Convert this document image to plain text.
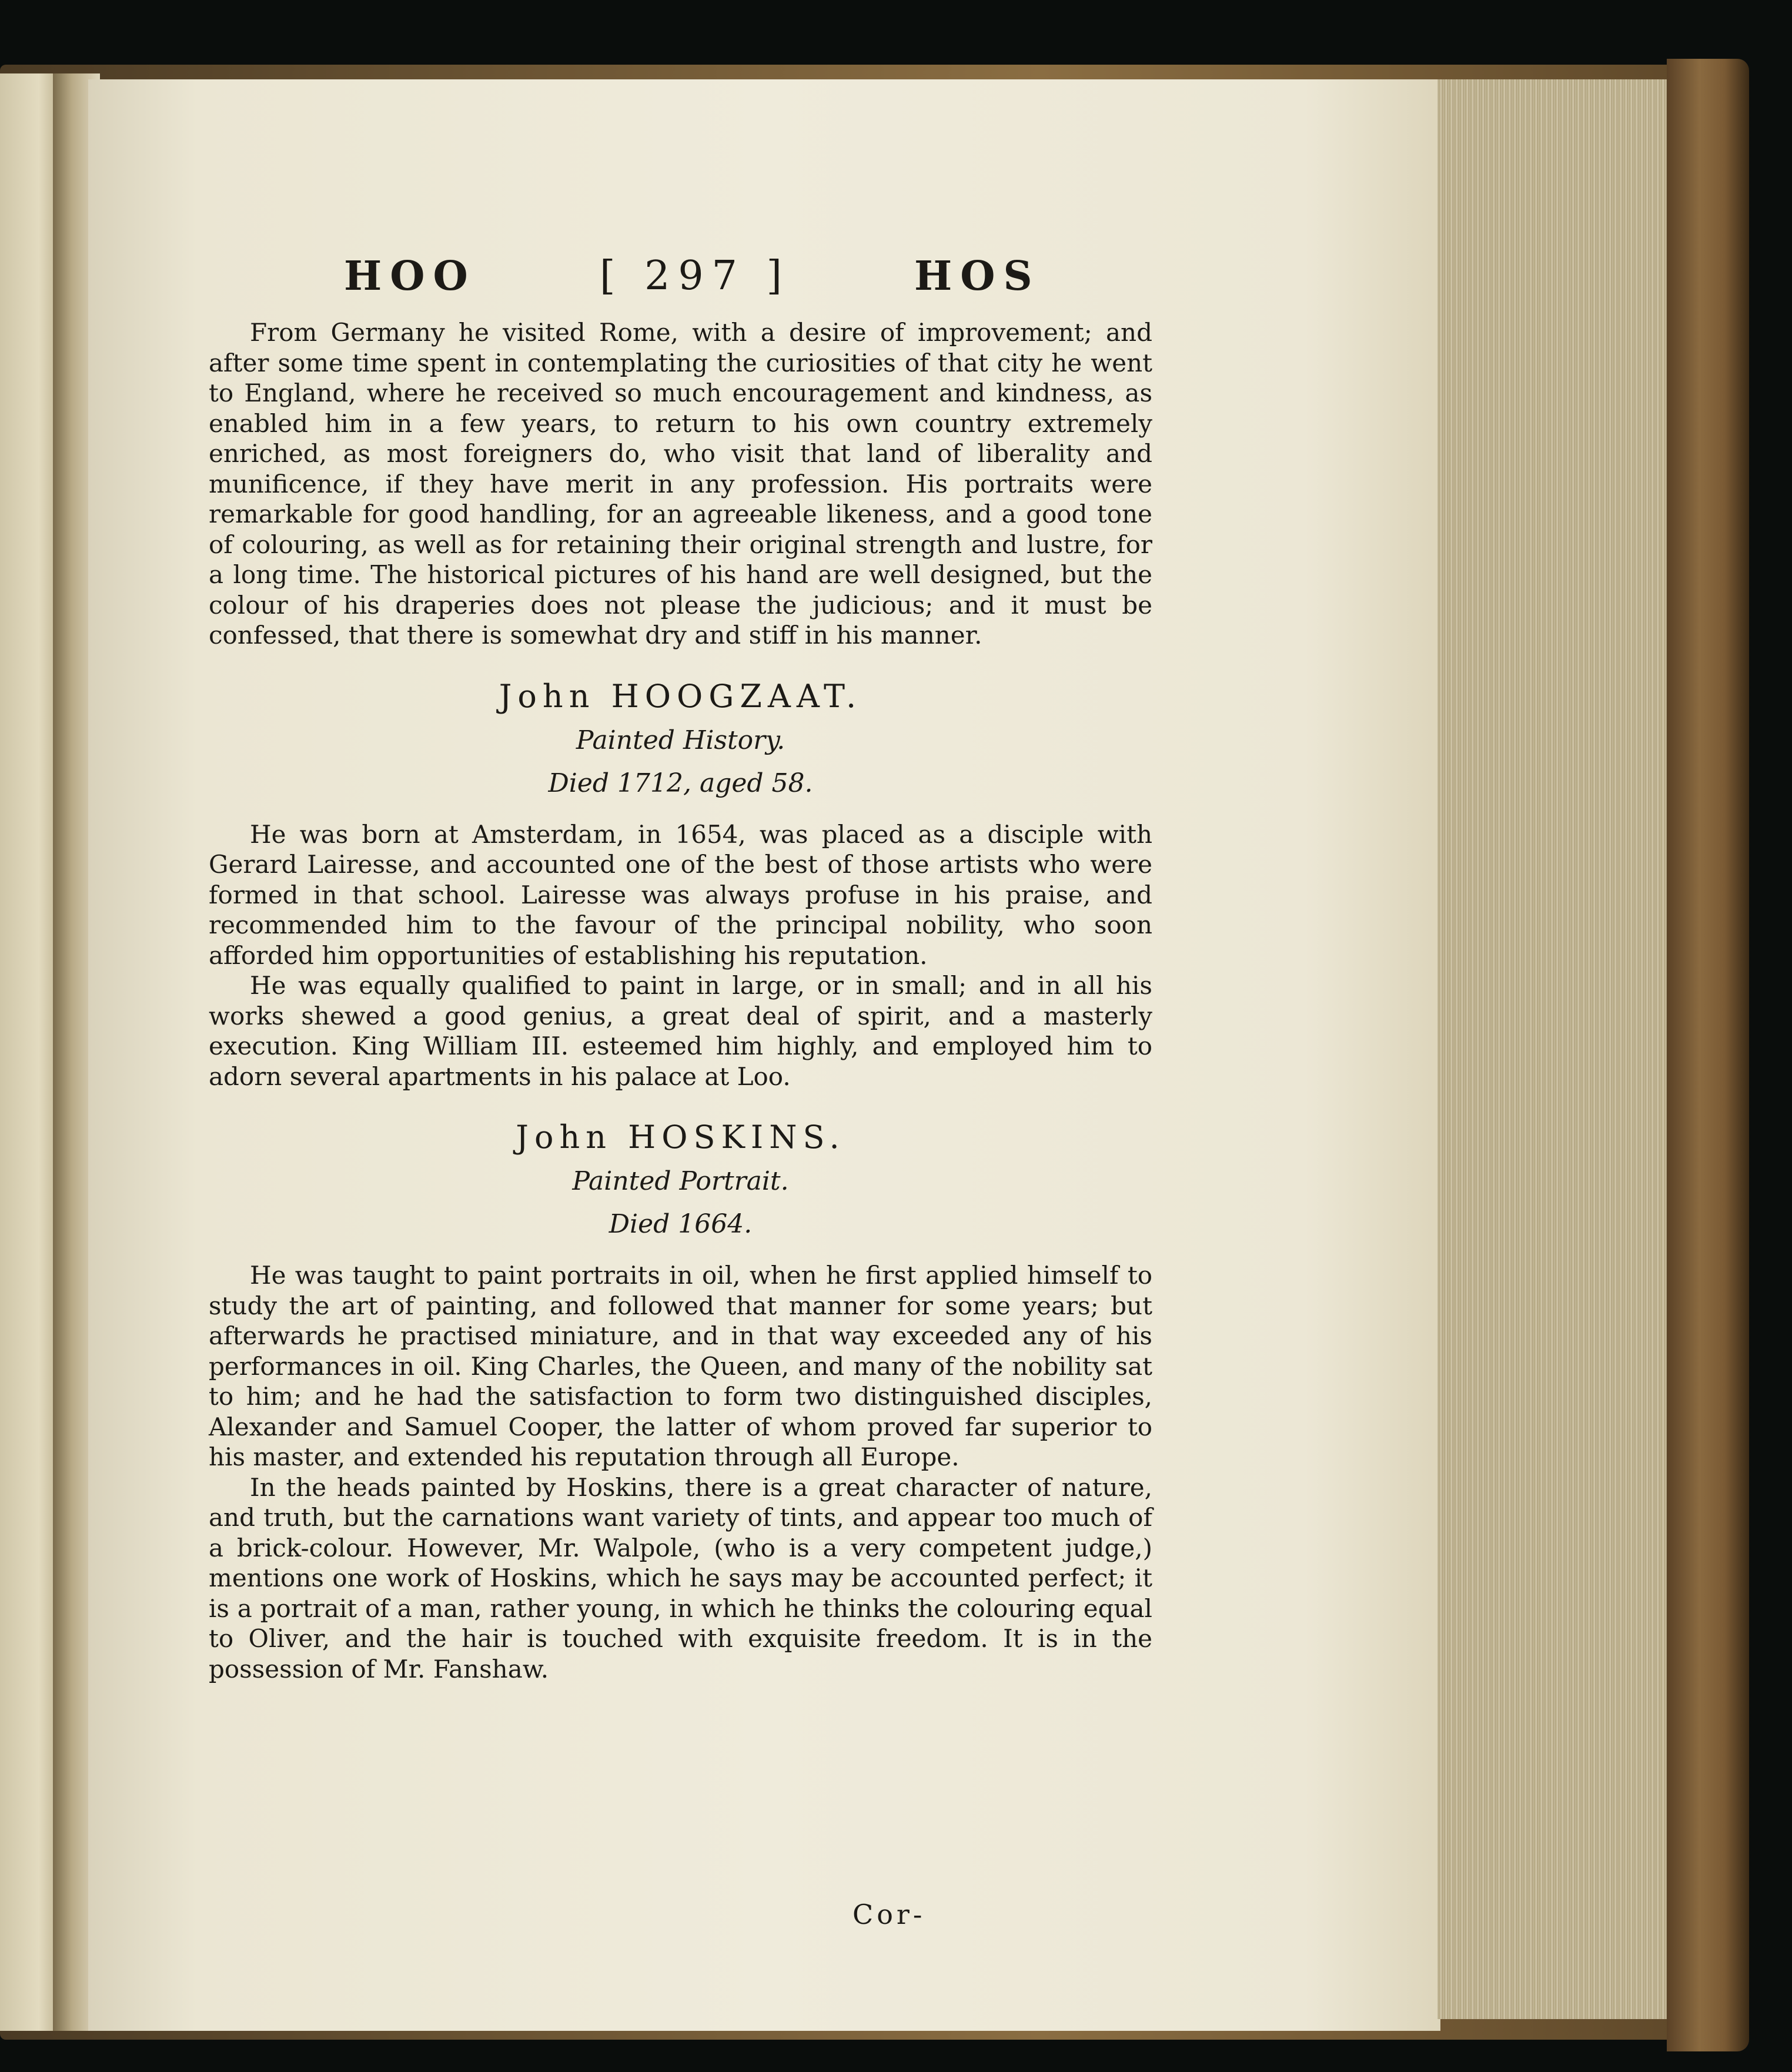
HOO	[ 297 ]	HOS

From Germany he visited Rome, with a desire of improvement; and after some time spent in contemplating the curiosities of that city he went to England, where he received so much encouragement and kindness, as enabled him in a few years, to return to his own country extremely enriched, as most foreigners do, who visit that land of liberality and munificence, if they have merit in any profession. His portraits were remarkable for good handling, for an agreeable likeness, and a good tone of colouring, as well as for retaining their original strength and lustre, for a long time. The historical pictures of his hand are well designed, but the colour of his draperies does not please the judicious; and it must be confessed, that there is somewhat dry and stiff in his manner.

John HOOGZAAT.
Painted History.
Died 1712, aged 58.

He was born at Amsterdam, in 1654, was placed as a disciple with Gerard Lairesse, and accounted one of the best of those artists who were formed in that school. Lairesse was always profuse in his praise, and recommended him to the favour of the principal nobility, who soon afforded him opportunities of establishing his reputation.

He was equally qualified to paint in large, or in small; and in all his works shewed a good genius, a great deal of spirit, and a masterly execution. King William III. esteemed him highly, and employed him to adorn several apartments in his palace at Loo.

John HOSKINS.
Painted Portrait.
Died 1664.

He was taught to paint portraits in oil, when he first applied himself to study the art of painting, and followed that manner for some years; but afterwards he practised miniature, and in that way exceeded any of his performances in oil. King Charles, the Queen, and many of the nobility sat to him; and he had the satisfaction to form two distinguished disciples, Alexander and Samuel Cooper, the latter of whom proved far superior to his master, and extended his reputation through all Europe.

In the heads painted by Hoskins, there is a great character of nature, and truth, but the carnations want variety of tints, and appear too much of a brick-colour. However, Mr. Walpole, (who is a very competent judge,) mentions one work of Hoskins, which he says may be accounted perfect; it is a portrait of a man, rather young, in which he thinks the colouring equal to Oliver, and the hair is touched with exquisite freedom. It is in the possession of Mr. Fanshaw.

Cor-
